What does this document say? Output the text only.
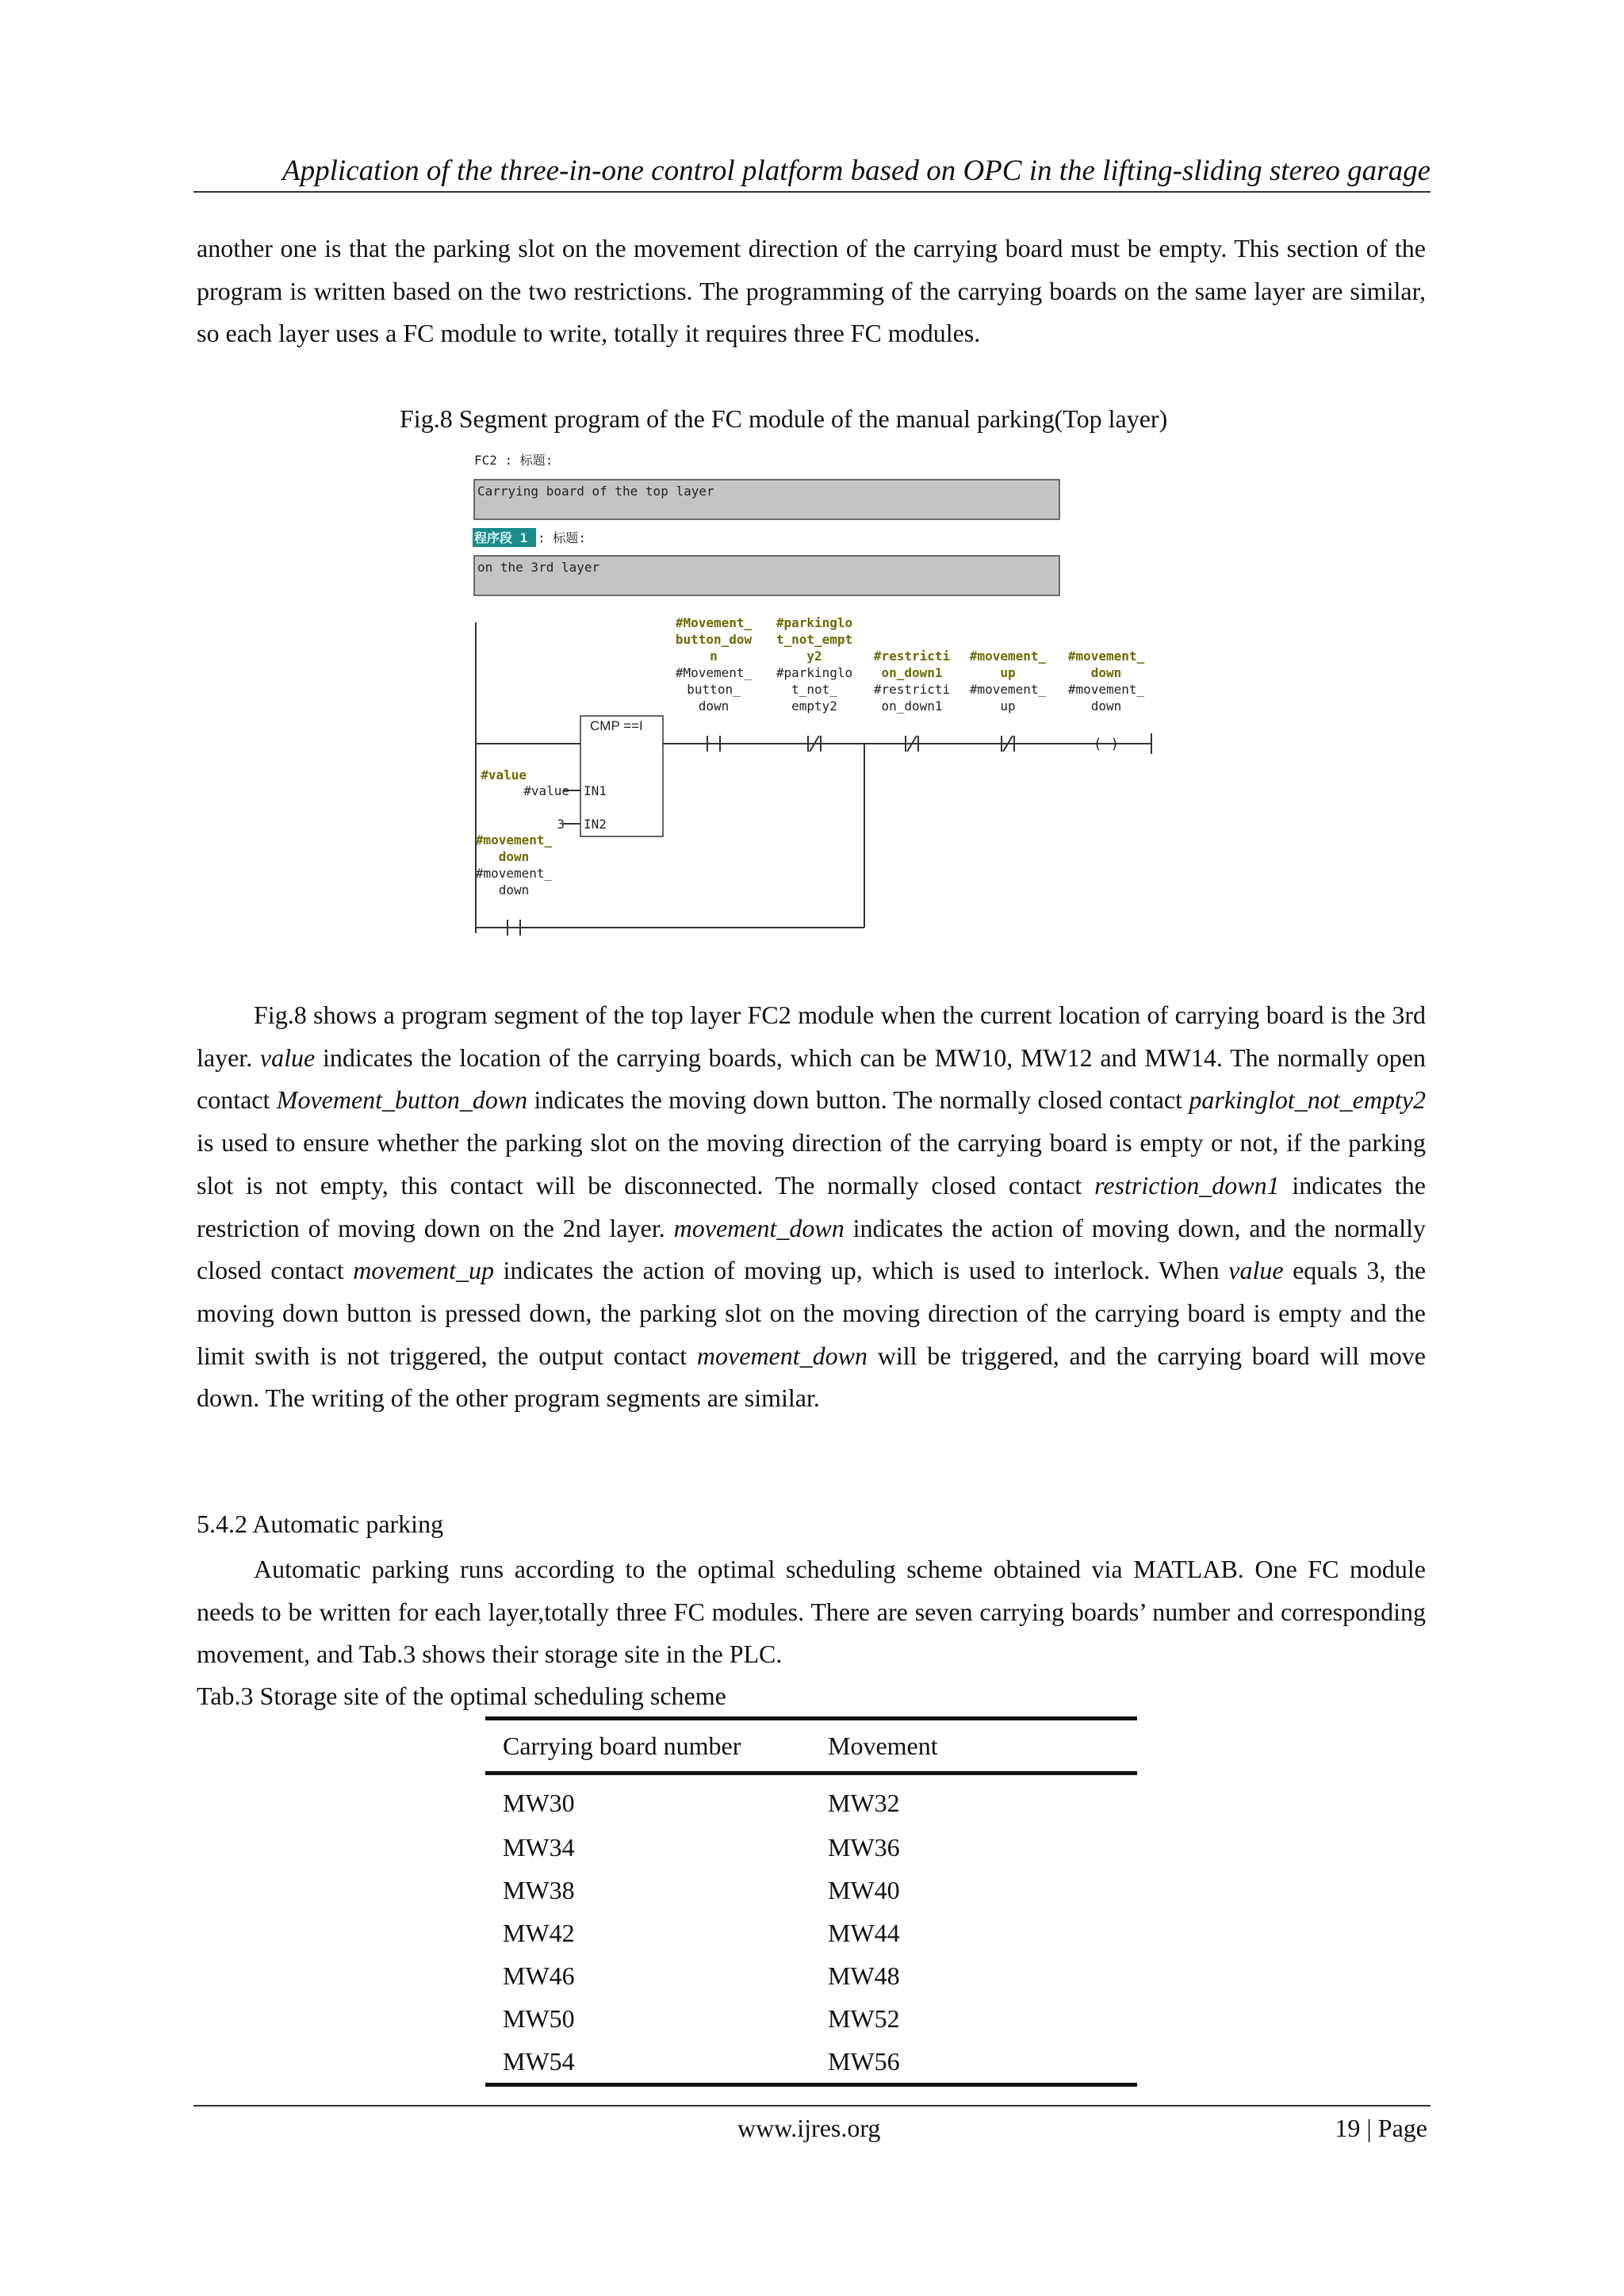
Application of the three-in-one control platform based on OPC in the lifting-sliding stereo garage
another one is that the parking slot on the movement direction of the carrying board must be empty. This section of the program is written based on the two restrictions. The programming of the carrying boards on the same layer are similar, so each layer uses a FC module to write, totally it requires three FC modules.
Fig.8 Segment program of the FC module of the manual parking(Top layer)
FC2 : 标题:
Carrying board of the top layer
程序段 1 : 标题:
on the 3rd layer
CMP ==I
IN1
IN2
#value
#value
3
#Movement_
button_dow
n
#Movement_
button_
down
#parkinglo
t_not_empt
y2
#parkinglo
t_not_
empty2
#restricti
on_down1
#restricti
on_down1
#movement_
up
#movement_
up
#movement_
down
#movement_
down
( )
#movement_
down
#movement_
down
Fig.8 shows a program segment of the top layer FC2 module when the current location of carrying board is the 3rd layer. value indicates the location of the carrying boards, which can be MW10, MW12 and MW14. The normally open contact Movement_button_down indicates the moving down button. The normally closed contact parkinglot_not_empty2 is used to ensure whether the parking slot on the moving direction of the carrying board is empty or not, if the parking slot is not empty, this contact will be disconnected. The normally closed contact restriction_down1 indicates the restriction of moving down on the 2nd layer. movement_down indicates the action of moving down, and the normally closed contact movement_up indicates the action of moving up, which is used to interlock. When value equals 3, the moving down button is pressed down, the parking slot on the moving direction of the carrying board is empty and the limit swith is not triggered, the output contact movement_down will be triggered, and the carrying board will move down. The writing of the other program segments are similar.
5.4.2 Automatic parking
Automatic parking runs according to the optimal scheduling scheme obtained via MATLAB. One FC module needs to be written for each layer,totally three FC modules. There are seven carrying boards’ number and corresponding movement, and Tab.3 shows their storage site in the PLC.
Tab.3 Storage site of the optimal scheduling scheme
Carrying board number	Movement
MW30	MW32
MW34	MW36
MW38	MW40
MW42	MW44
MW46	MW48
MW50	MW52
MW54	MW56
www.ijres.org	19 | Page
